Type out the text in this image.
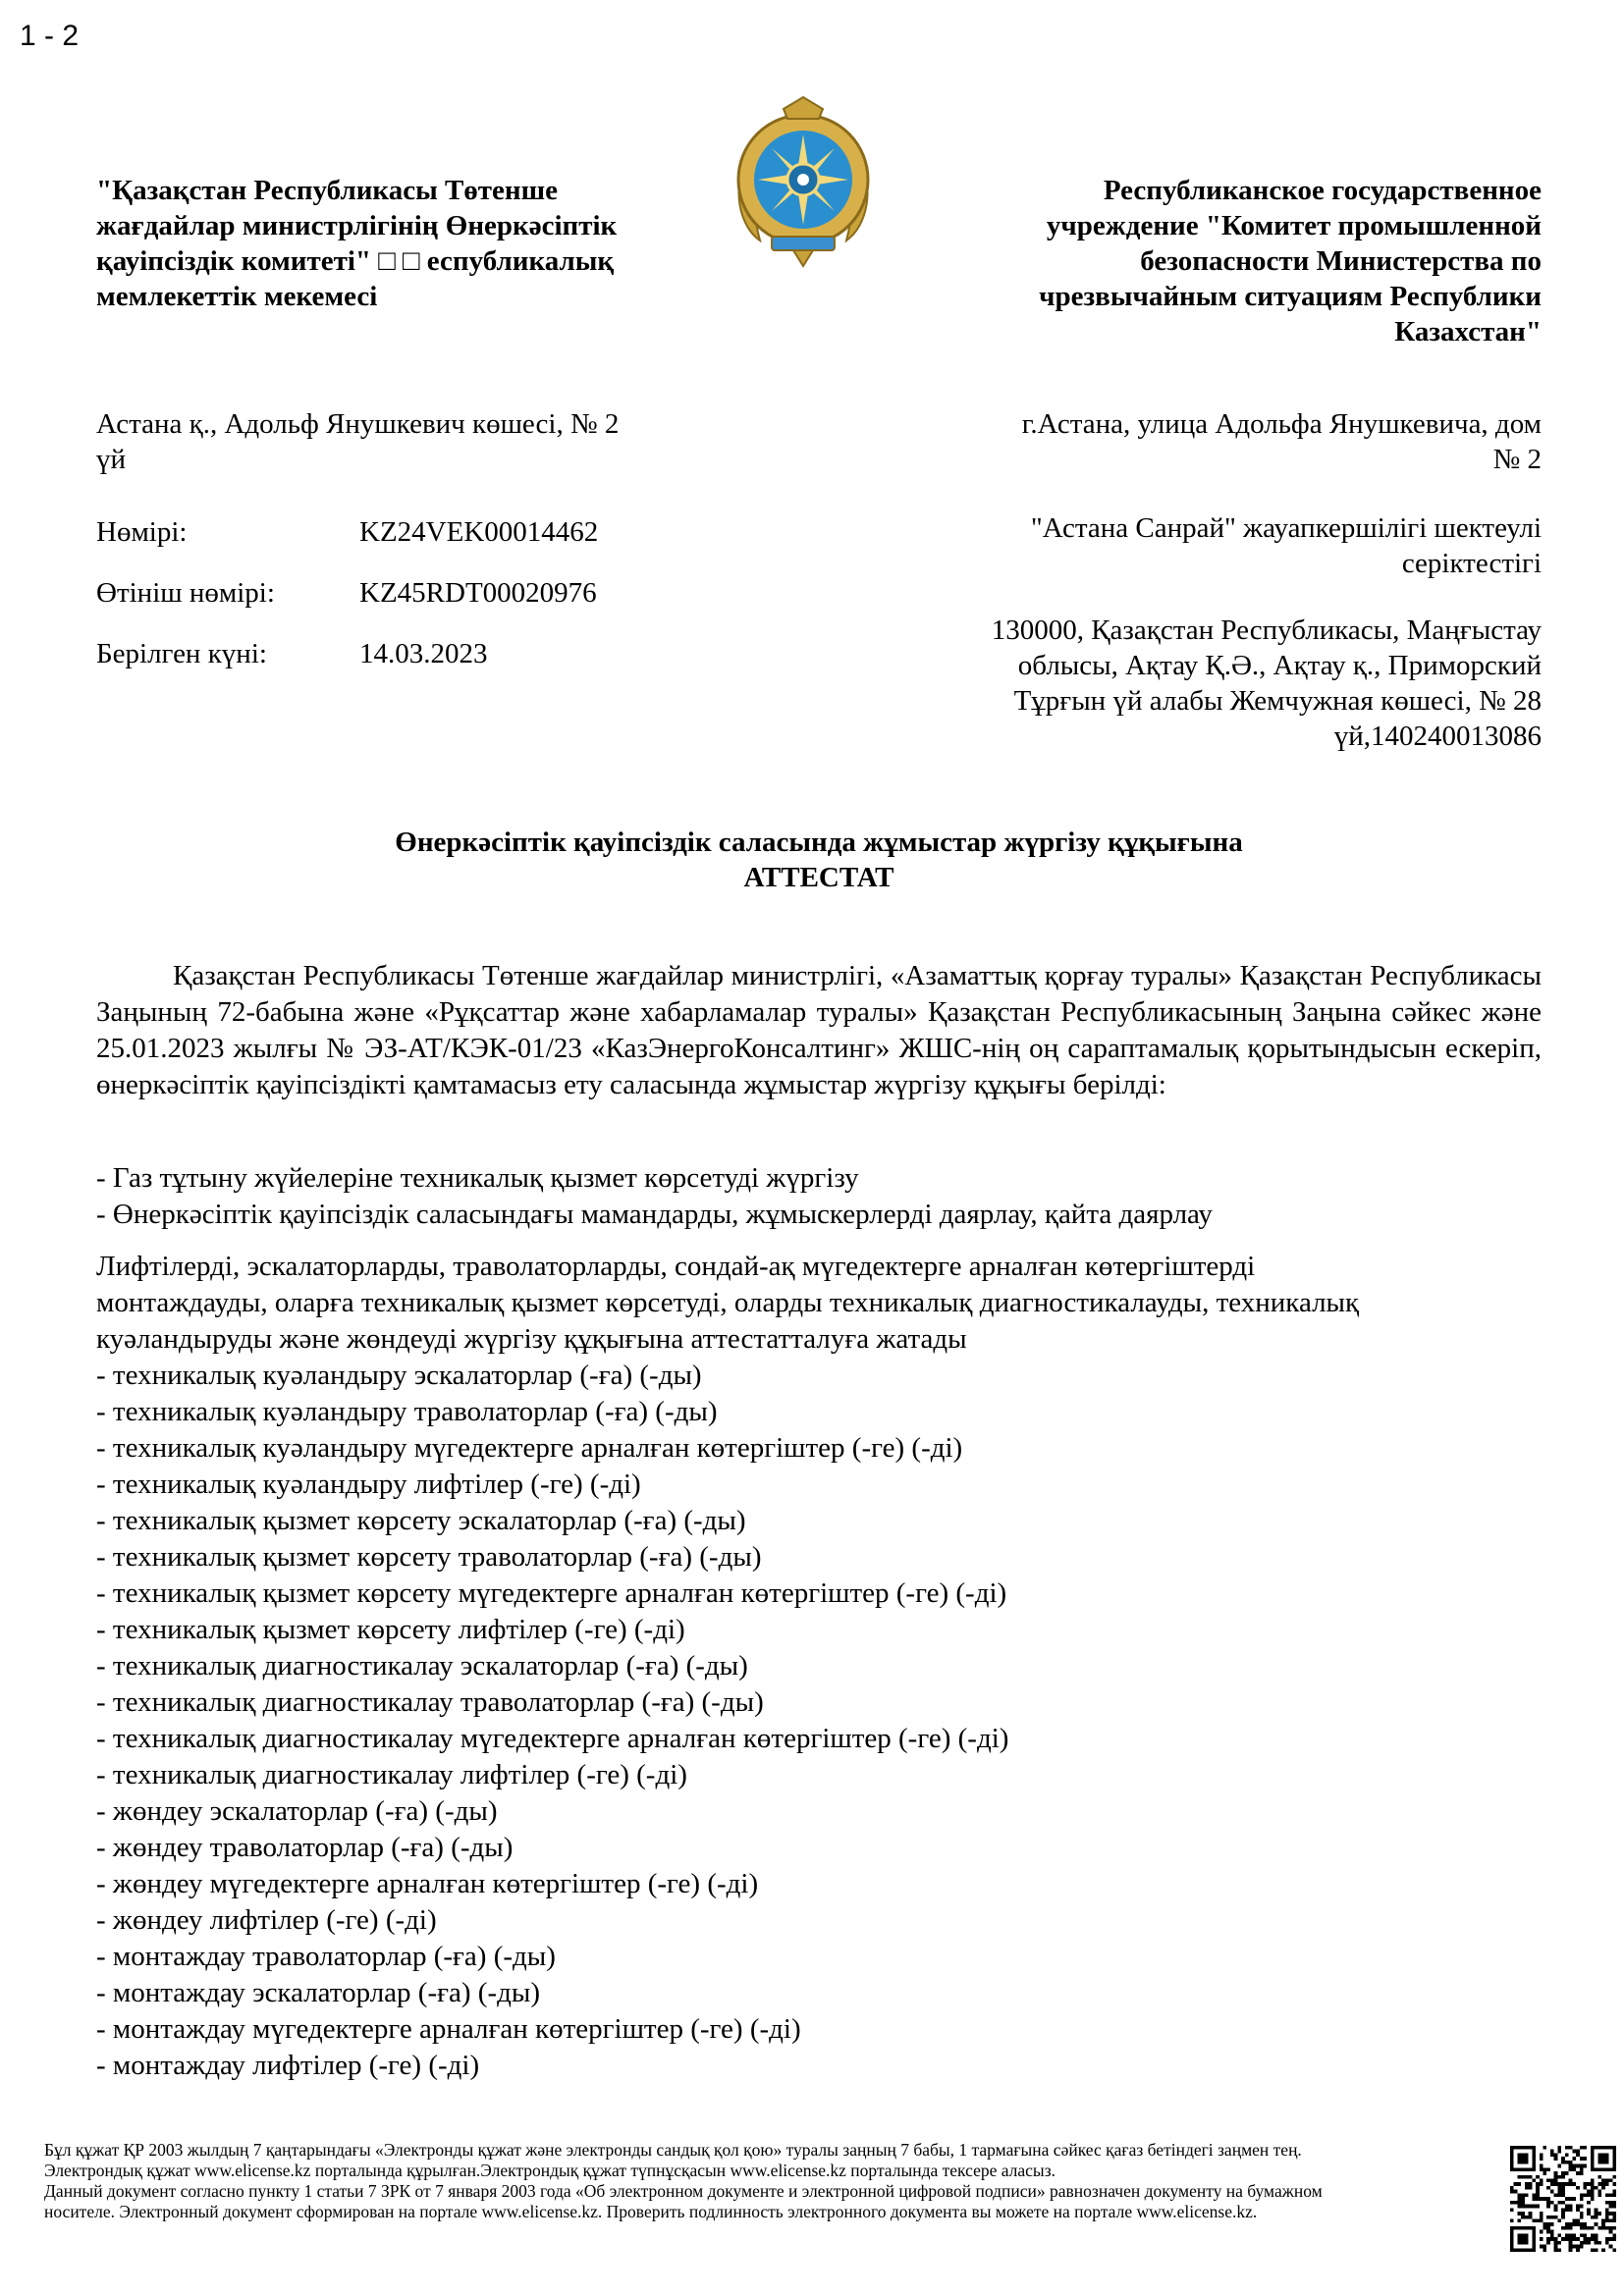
1 - 2
"Қазақстан Республикасы Төтенше
жағдайлар министрлігінің Өнеркәсіптік
қауіпсіздік комитеті" □ □ еспубликалық
мемлекеттік мекемесі
Республиканское государственное
учреждение "Комитет промышленной
безопасности Министерства по
чрезвычайным ситуациям Республики
Казахстан"
Астана қ., Адольф Янушкевич көшесі, № 2
үй
г.Астана, улица Адольфа Янушкевича, дом
№ 2
Нөмірі:	KZ24VEK00014462
Өтініш нөмірі:	KZ45RDT00020976
Берілген күні:	14.03.2023
"Астана Санрай" жауапкершілігі шектеулі
серіктестігі
130000, Қазақстан Республикасы, Маңғыстау
облысы, Ақтау Қ.Ә., Ақтау қ., Приморский
Тұрғын үй алабы Жемчужная көшесі, № 28
үй,140240013086
Өнеркәсіптік қауіпсіздік саласында жұмыстар жүргізу құқығына
АТТЕСТАТ
Қазақстан Республикасы Төтенше жағдайлар министрлігі, «Азаматтық қорғау туралы» Қазақстан Республикасы Заңының 72-бабына және «Рұқсаттар және хабарламалар туралы» Қазақстан Республикасының Заңына сәйкес және 25.01.2023 жылғы № ЭЗ-АТ/КЭК-01/23 «КазЭнергоКонсалтинг» ЖШС-нің оң сараптамалық қорытындысын ескеріп, өнеркәсіптік қауіпсіздікті қамтамасыз ету саласында жұмыстар жүргізу құқығы берілді:
- Газ тұтыну жүйелеріне техникалық қызмет көрсетуді жүргізу
- Өнеркәсіптік қауіпсіздік саласындағы мамандарды, жұмыскерлерді даярлау, қайта даярлау
Лифтілерді, эскалаторларды, траволаторларды, сондай-ақ мүгедектерге арналған көтергіштерді
монтаждауды, оларға техникалық қызмет көрсетуді, оларды техникалық диагностикалауды, техникалық
куәландыруды және жөндеуді жүргізу құқығына аттестатталуға жатады
- техникалық куәландыру эскалаторлар (-ға) (-ды)
- техникалық куәландыру траволаторлар (-ға) (-ды)
- техникалық куәландыру мүгедектерге арналған көтергіштер (-ге) (-ді)
- техникалық куәландыру лифтілер (-ге) (-ді)
- техникалық қызмет көрсету эскалаторлар (-ға) (-ды)
- техникалық қызмет көрсету траволаторлар (-ға) (-ды)
- техникалық қызмет көрсету мүгедектерге арналған көтергіштер (-ге) (-ді)
- техникалық қызмет көрсету лифтілер (-ге) (-ді)
- техникалық диагностикалау эскалаторлар (-ға) (-ды)
- техникалық диагностикалау траволаторлар (-ға) (-ды)
- техникалық диагностикалау мүгедектерге арналған көтергіштер (-ге) (-ді)
- техникалық диагностикалау лифтілер (-ге) (-ді)
- жөндеу эскалаторлар (-ға) (-ды)
- жөндеу траволаторлар (-ға) (-ды)
- жөндеу мүгедектерге арналған көтергіштер (-ге) (-ді)
- жөндеу лифтілер (-ге) (-ді)
- монтаждау траволаторлар (-ға) (-ды)
- монтаждау эскалаторлар (-ға) (-ды)
- монтаждау мүгедектерге арналған көтергіштер (-ге) (-ді)
- монтаждау лифтілер (-ге) (-ді)
Бұл құжат ҚР 2003 жылдың 7 қаңтарындағы «Электронды құжат және электронды сандық қол қою» туралы заңның 7 бабы, 1 тармағына сәйкес қағаз бетіндегі заңмен тең.
Электрондық құжат www.elicense.kz порталында құрылған.Электрондық құжат түпнұсқасын www.elicense.kz порталында тексере аласыз.
Данный документ согласно пункту 1 статьи 7 ЗРК от 7 января 2003 года «Об электронном документе и электронной цифровой подписи» равнозначен документу на бумажном
носителе. Электронный документ сформирован на портале www.elicense.kz. Проверить подлинность электронного документа вы можете на портале www.elicense.kz.
